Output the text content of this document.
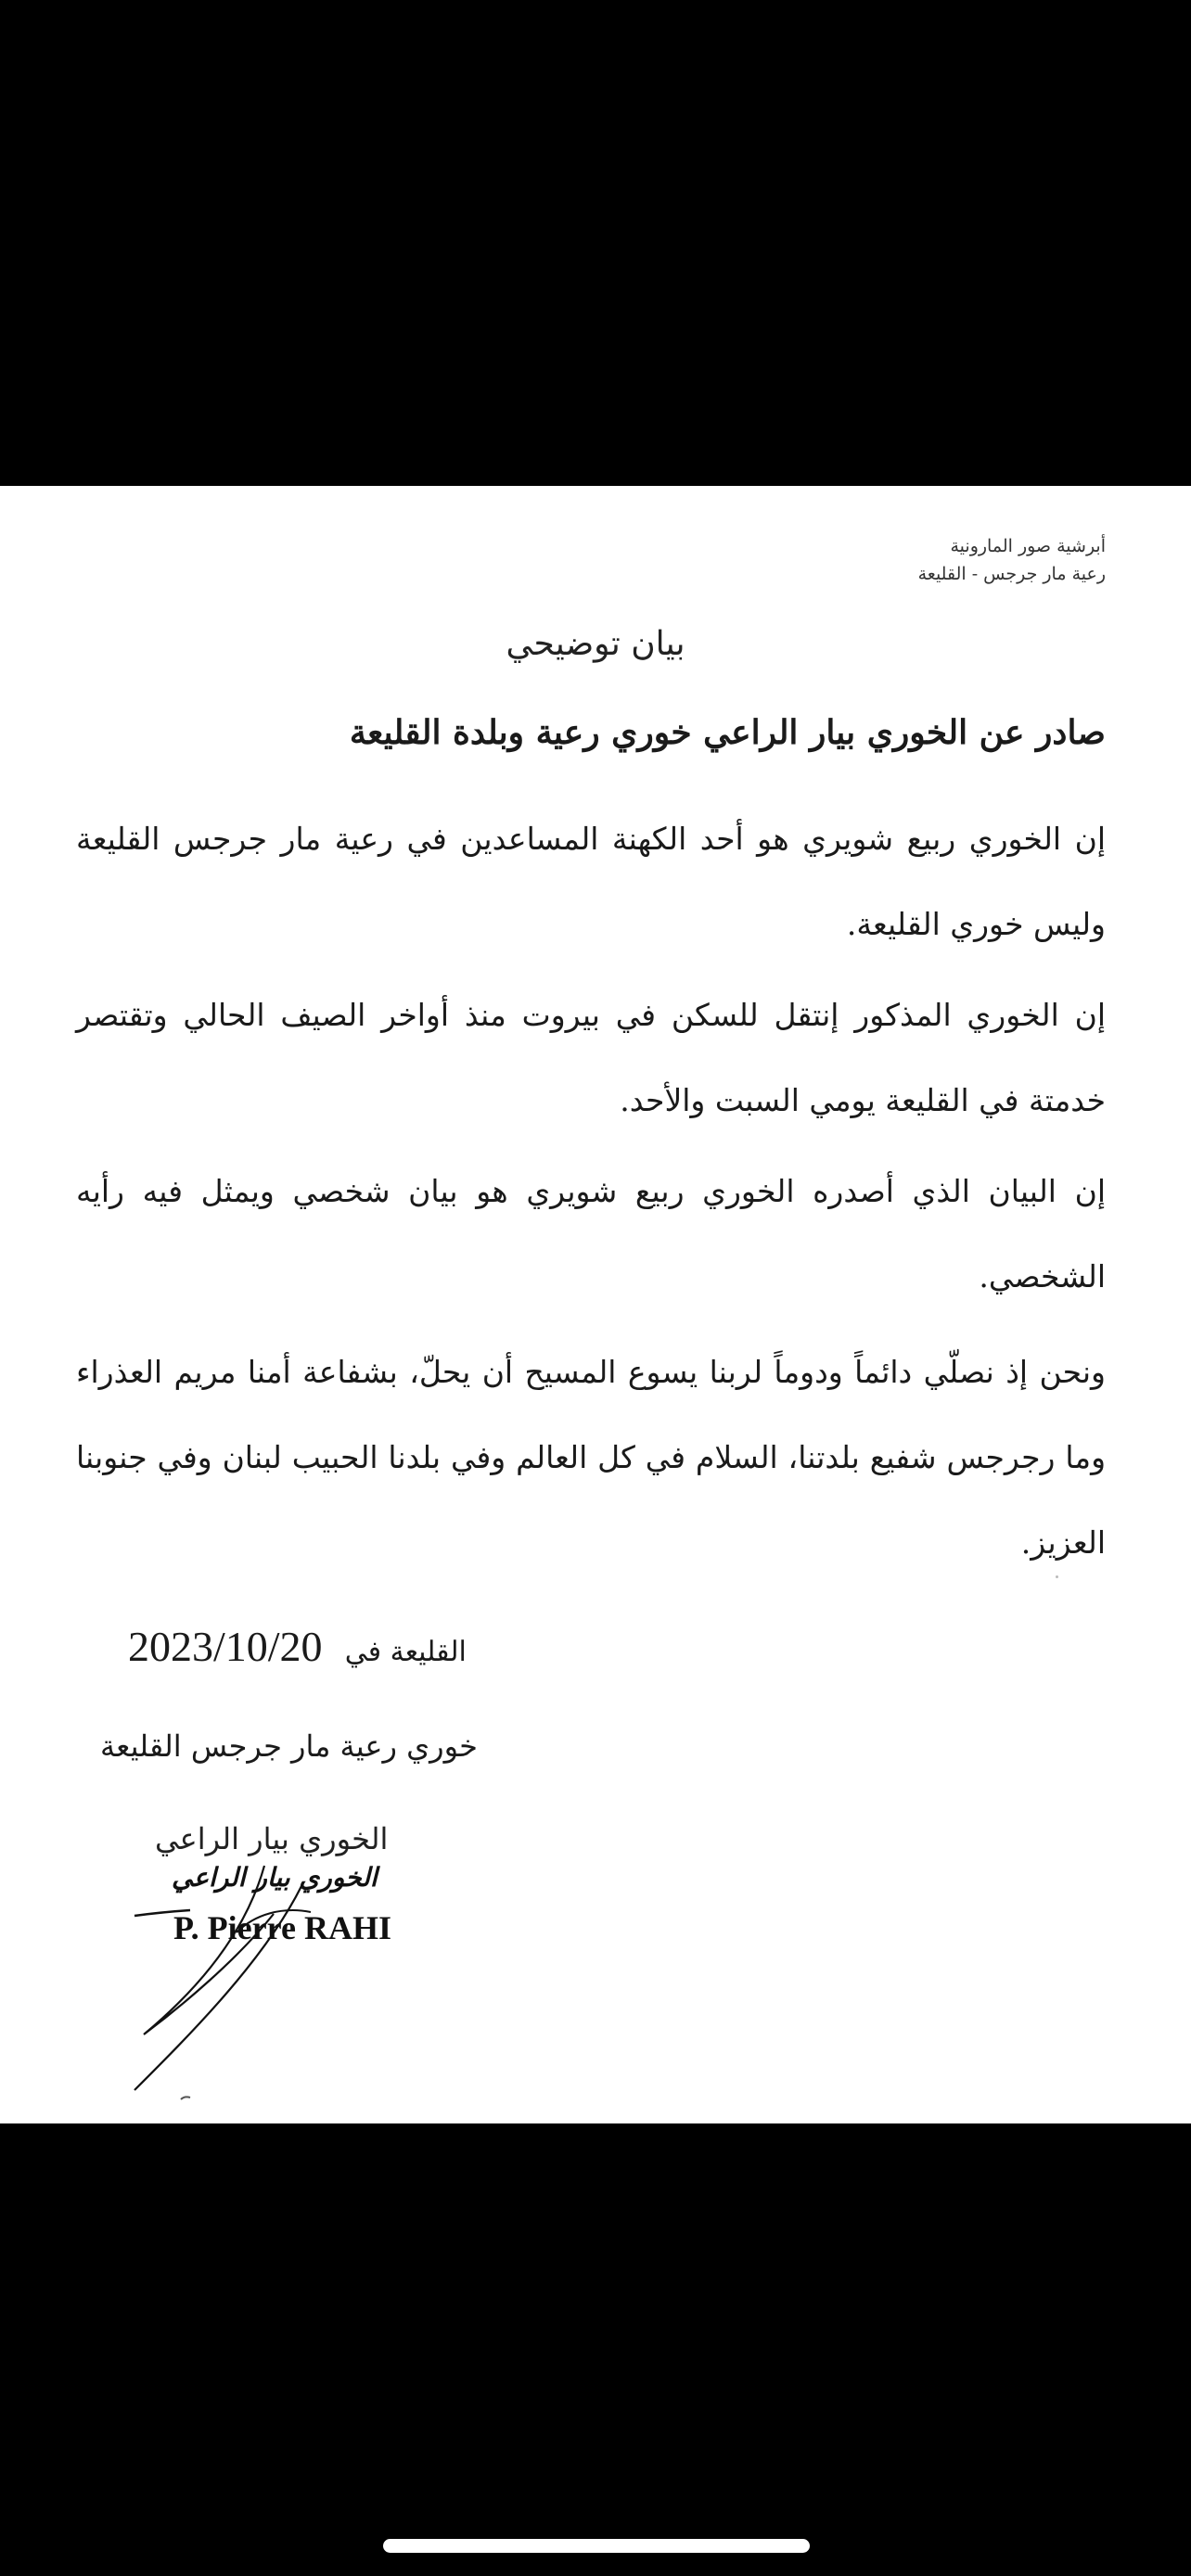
أبرشية صور المارونية
رعية مار جرجس - القليعة
بيان توضيحي
صادر عن الخوري بيار الراعي خوري رعية وبلدة القليعة
إن الخوري ربيع شويري هو أحد الكهنة المساعدين في رعية مار جرجس القليعة وليس خوري القليعة.
إن الخوري المذكور إنتقل للسكن في بيروت منذ أواخر الصيف الحالي وتقتصر خدمتة في القليعة يومي السبت والأحد.
إن البيان الذي أصدره الخوري ربيع شويري هو بيان شخصي ويمثل فيه رأيه الشخصي.
ونحن إذ نصلّي دائماً ودوماً لربنا يسوع المسيح أن يحلّ، بشفاعة أمنا مريم العذراء وما رجرجس شفيع بلدتنا، السلام في كل العالم وفي بلدنا الحبيب لبنان وفي جنوبنا العزيز.
2023/10/20 القليعة في
خوري رعية مار جرجس القليعة
الخوري بيار الراعي
الخوري بيار الراعي
P. Pierre RAHI
